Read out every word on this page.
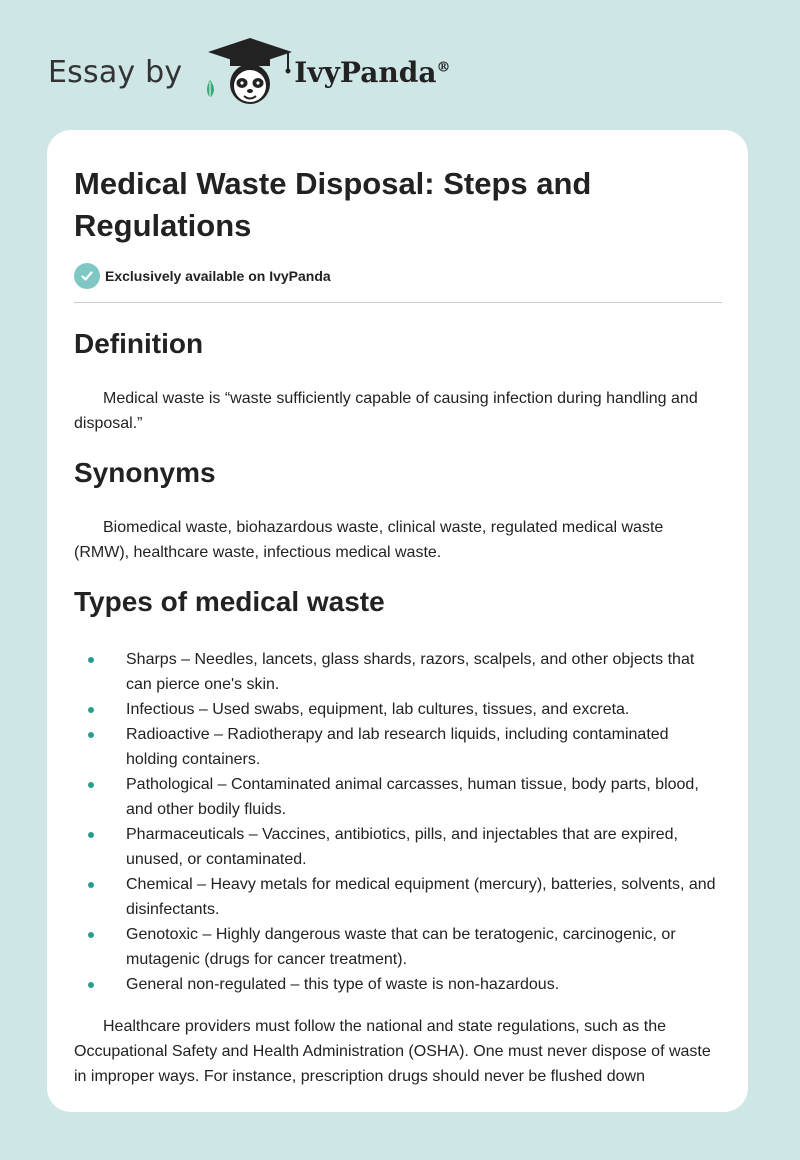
Essay by	IvyPanda®
Medical Waste Disposal: Steps and Regulations
Exclusively available on IvyPanda
Definition

Medical waste is “waste sufficiently capable of causing infection during handling and disposal.”

Synonyms

Biomedical waste, biohazardous waste, clinical waste, regulated medical waste (RMW), healthcare waste, infectious medical waste.

Types of medical waste
Sharps – Needles, lancets, glass shards, razors, scalpels, and other objects that can pierce one's skin.
Infectious – Used swabs, equipment, lab cultures, tissues, and excreta.
Radioactive – Radiotherapy and lab research liquids, including contaminated holding containers.
Pathological – Contaminated animal carcasses, human tissue, body parts, blood, and other bodily fluids.
Pharmaceuticals – Vaccines, antibiotics, pills, and injectables that are expired, unused, or contaminated.
Chemical – Heavy metals for medical equipment (mercury), batteries, solvents, and disinfectants.
Genotoxic – Highly dangerous waste that can be teratogenic, carcinogenic, or mutagenic (drugs for cancer treatment).
General non-regulated – this type of waste is non-hazardous.

Healthcare providers must follow the national and state regulations, such as the Occupational Safety and Health Administration (OSHA). One must never dispose of waste in improper ways. For instance, prescription drugs should never be flushed down
